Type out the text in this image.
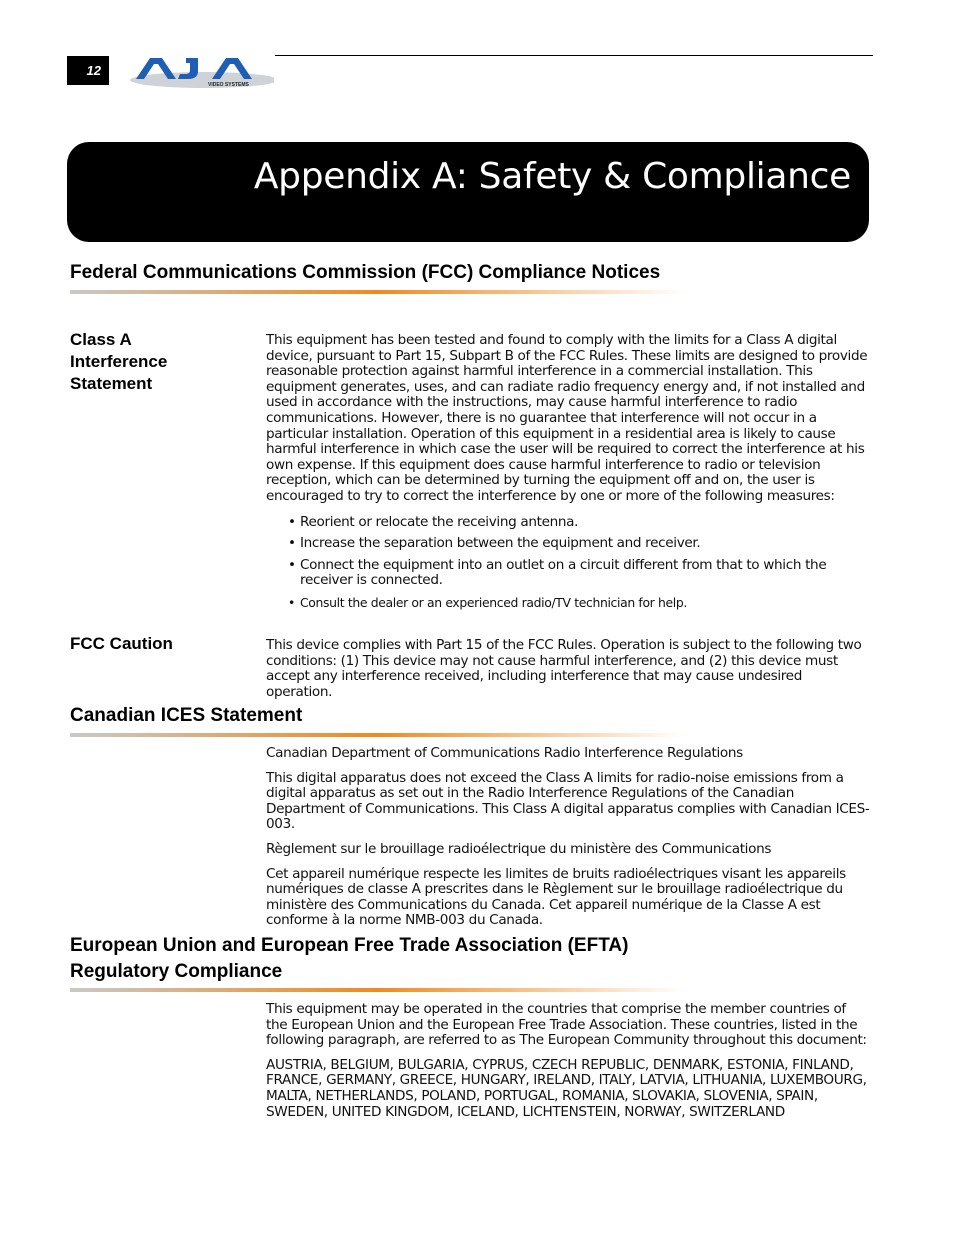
12
VIDEO SYSTEMS
Appendix A: Safety & Compliance
Federal Communications Commission (FCC) Compliance Notices
Class A Interference Statement

This equipment has been tested and found to comply with the limits for a Class A digital device, pursuant to Part 15, Subpart B of the FCC Rules. These limits are designed to provide reasonable protection against harmful interference in a commercial installation. This equipment generates, uses, and can radiate radio frequency energy and, if not installed and used in accordance with the instructions, may cause harmful interference to radio communications. However, there is no guarantee that interference will not occur in a particular installation. Operation of this equipment in a residential area is likely to cause harmful interference in which case the user will be required to correct the interference at his own expense. If this equipment does cause harmful interference to radio or television reception, which can be determined by turning the equipment off and on, the user is encouraged to try to correct the interference by one or more of the following measures:

• Reorient or relocate the receiving antenna.
• Increase the separation between the equipment and receiver.
• Connect the equipment into an outlet on a circuit different from that to which the receiver is connected.
• Consult the dealer or an experienced radio/TV technician for help.
FCC Caution	This device complies with Part 15 of the FCC Rules. Operation is subject to the following two conditions: (1) This device may not cause harmful interference, and (2) this device must accept any interference received, including interference that may cause undesired operation.

Canadian ICES Statement

Canadian Department of Communications Radio Interference Regulations

This digital apparatus does not exceed the Class A limits for radio-noise emissions from a digital apparatus as set out in the Radio Interference Regulations of the Canadian Department of Communications. This Class A digital apparatus complies with Canadian ICES-003.

Règlement sur le brouillage radioélectrique du ministère des Communications

Cet appareil numérique respecte les limites de bruits radioélectriques visant les appareils numériques de classe A prescrites dans le Règlement sur le brouillage radioélectrique du ministère des Communications du Canada. Cet appareil numérique de la Classe A est conforme à la norme NMB-003 du Canada.

European Union and European Free Trade Association (EFTA)
Regulatory Compliance

This equipment may be operated in the countries that comprise the member countries of the European Union and the European Free Trade Association. These countries, listed in the following paragraph, are referred to as The European Community throughout this document:

AUSTRIA, BELGIUM, BULGARIA, CYPRUS, CZECH REPUBLIC, DENMARK, ESTONIA, FINLAND, FRANCE, GERMANY, GREECE, HUNGARY, IRELAND, ITALY, LATVIA, LITHUANIA, LUXEMBOURG, MALTA, NETHERLANDS, POLAND, PORTUGAL, ROMANIA, SLOVAKIA, SLOVENIA, SPAIN, SWEDEN, UNITED KINGDOM, ICELAND, LICHTENSTEIN, NORWAY, SWITZERLAND
